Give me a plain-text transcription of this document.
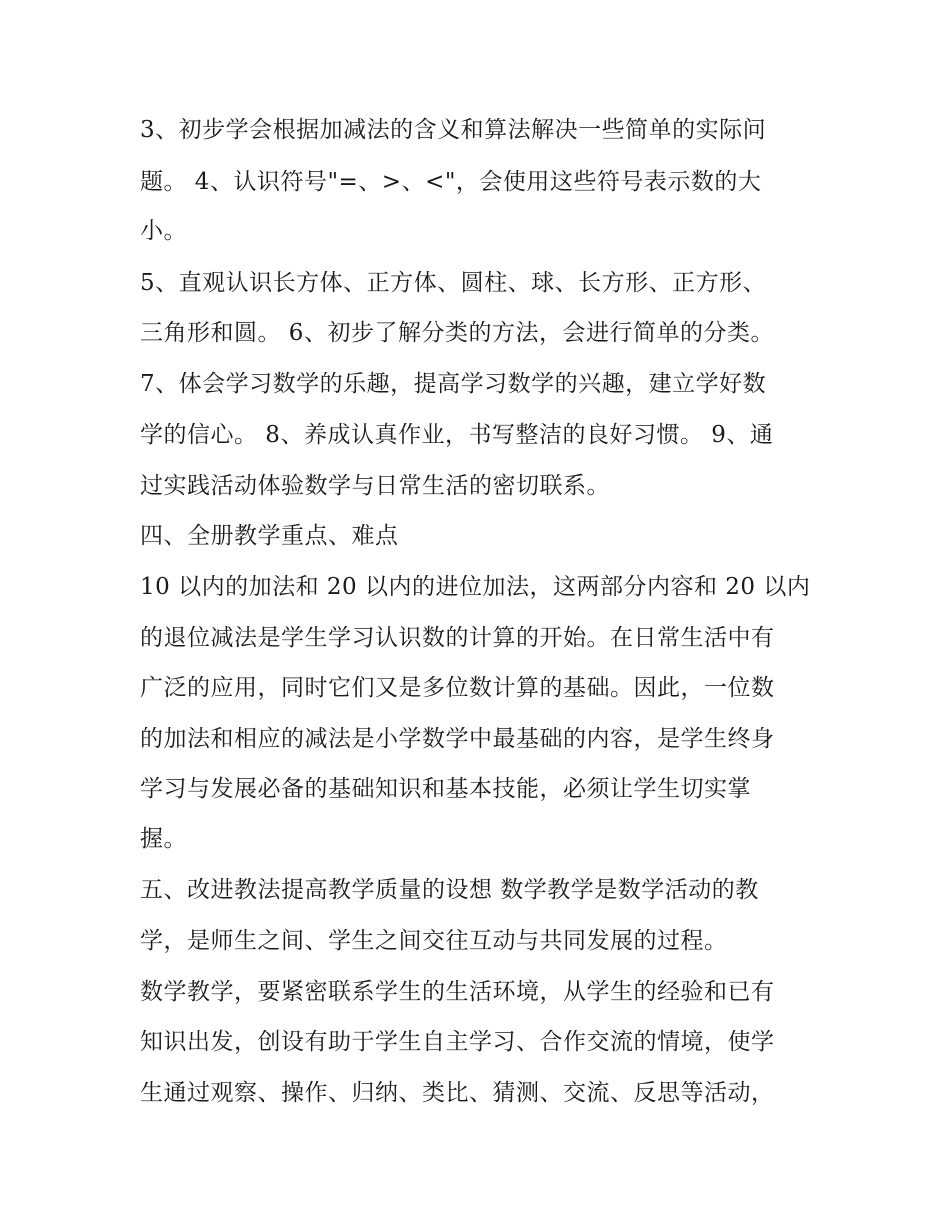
3、初步学会根据加减法的含义和算法解决一些简单的实际问
题。 4、认识符号"=、>、<"，会使用这些符号表示数的大
小。
5、直观认识长方体、正方体、圆柱、球、长方形、正方形、
三角形和圆。 6、初步了解分类的方法，会进行简单的分类。
7、体会学习数学的乐趣，提高学习数学的兴趣，建立学好数
学的信心。 8、养成认真作业，书写整洁的良好习惯。 9、通
过实践活动体验数学与日常生活的密切联系。
四、全册教学重点、难点
10 以内的加法和 20 以内的进位加法，这两部分内容和 20 以内
的退位减法是学生学习认识数的计算的开始。在日常生活中有
广泛的应用，同时它们又是多位数计算的基础。因此，一位数
的加法和相应的减法是小学数学中最基础的内容，是学生终身
学习与发展必备的基础知识和基本技能，必须让学生切实掌
握。
五、改进教法提高教学质量的设想 数学教学是数学活动的教
学，是师生之间、学生之间交往互动与共同发展的过程。
数学教学，要紧密联系学生的生活环境，从学生的经验和已有
知识出发，创设有助于学生自主学习、合作交流的情境，使学
生通过观察、操作、归纳、类比、猜测、交流、反思等活动，
